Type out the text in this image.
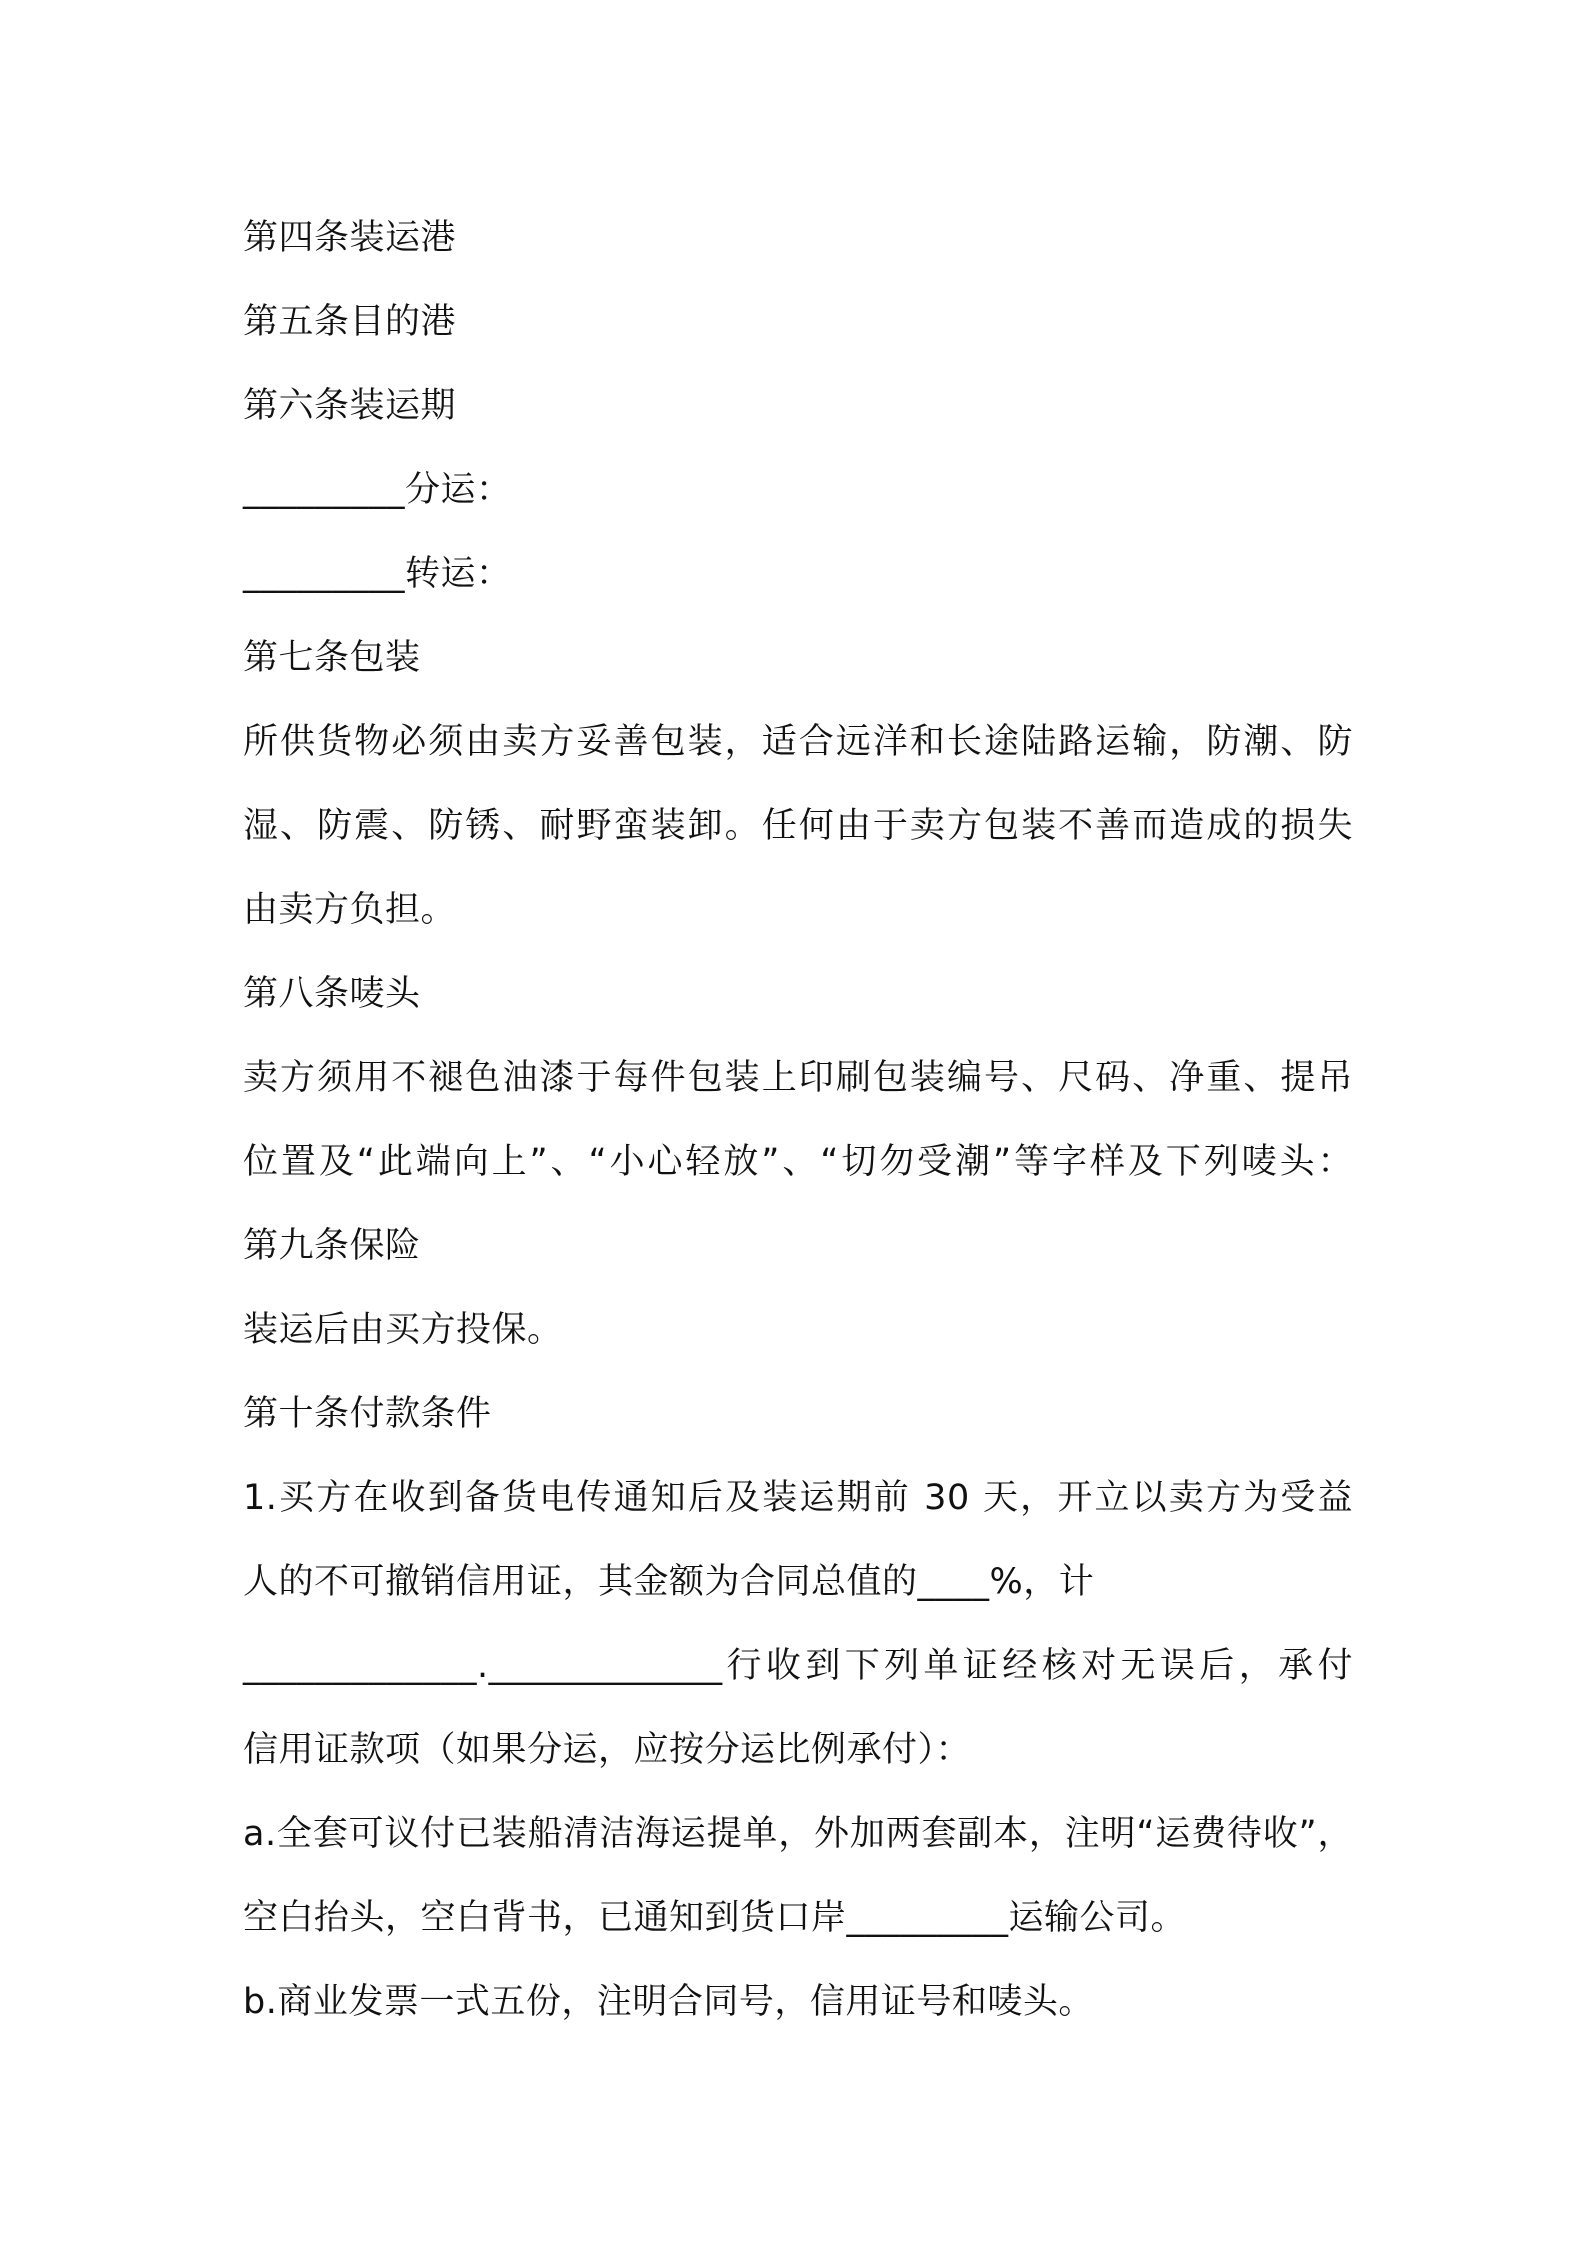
第四条装运港

第五条目的港

第六条装运期

_________分运：

_________转运：

第七条包装

所供货物必须由卖方妥善包装，适合远洋和长途陆路运输，防潮、防

湿、防震、防锈、耐野蛮装卸。任何由于卖方包装不善而造成的损失

由卖方负担。

第八条唛头

卖方须用不褪色油漆于每件包装上印刷包装编号、尺码、净重、提吊

位置及“此端向上”、“小心轻放”、“切勿受潮”等字样及下列唛头：

第九条保险

装运后由买方投保。

第十条付款条件

1.买方在收到备货电传通知后及装运期前 30 天，开立以卖方为受益

人的不可撤销信用证，其金额为合同总值的____%，计

_____________._____________行收到下列单证经核对无误后，承付

信用证款项（如果分运，应按分运比例承付）：

a.全套可议付已装船清洁海运提单，外加两套副本，注明“运费待收”，

空白抬头，空白背书，已通知到货口岸_________运输公司。

b.商业发票一式五份，注明合同号，信用证号和唛头。
